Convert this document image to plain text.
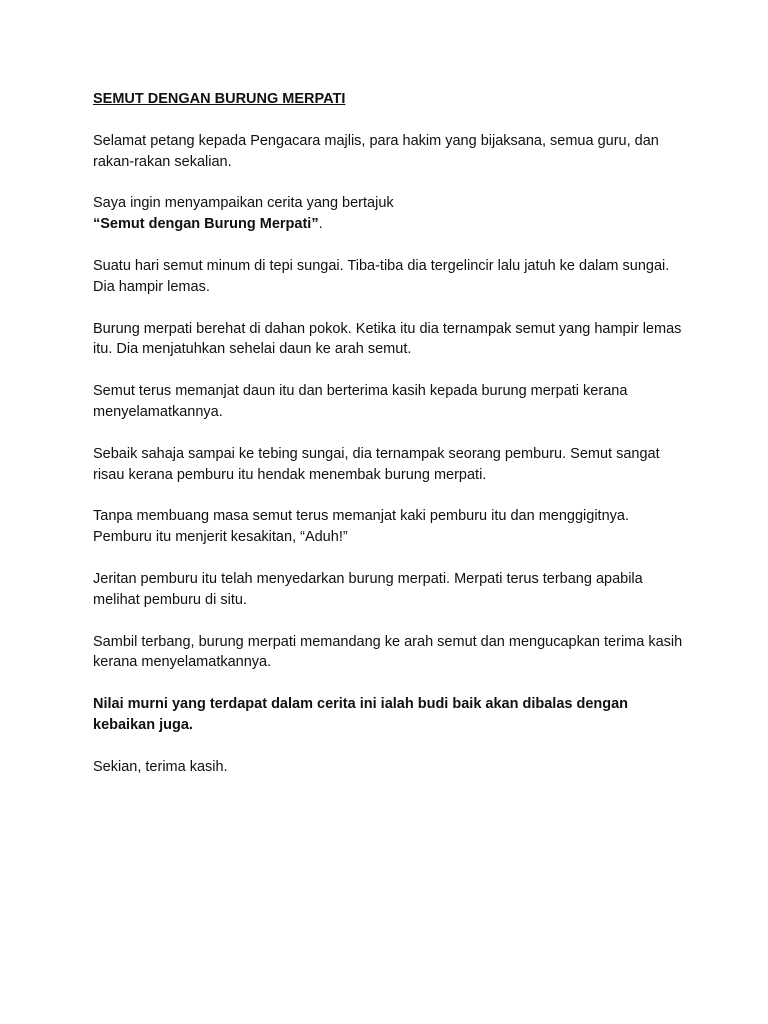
SEMUT DENGAN BURUNG MERPATI

Selamat petang kepada Pengacara majlis, para hakim yang bijaksana, semua guru, dan rakan-rakan sekalian.

Saya ingin menyampaikan cerita yang bertajuk
“Semut dengan Burung Merpati”.

Suatu hari semut minum di tepi sungai. Tiba-tiba dia tergelincir lalu jatuh ke dalam sungai. Dia hampir lemas.

Burung merpati berehat di dahan pokok. Ketika itu dia ternampak semut yang hampir lemas itu. Dia menjatuhkan sehelai daun ke arah semut.

Semut terus memanjat daun itu dan berterima kasih kepada burung merpati kerana menyelamatkannya.

Sebaik sahaja sampai ke tebing sungai, dia ternampak seorang pemburu. Semut sangat risau kerana pemburu itu hendak menembak burung merpati.

Tanpa membuang masa semut terus memanjat kaki pemburu itu dan menggigitnya. Pemburu itu menjerit kesakitan, “Aduh!”

Jeritan pemburu itu telah menyedarkan burung merpati. Merpati terus terbang apabila melihat pemburu di situ.

Sambil terbang, burung merpati memandang ke arah semut dan mengucapkan terima kasih kerana menyelamatkannya.

Nilai murni yang terdapat dalam cerita ini ialah budi baik akan dibalas dengan kebaikan juga.

Sekian, terima kasih.
